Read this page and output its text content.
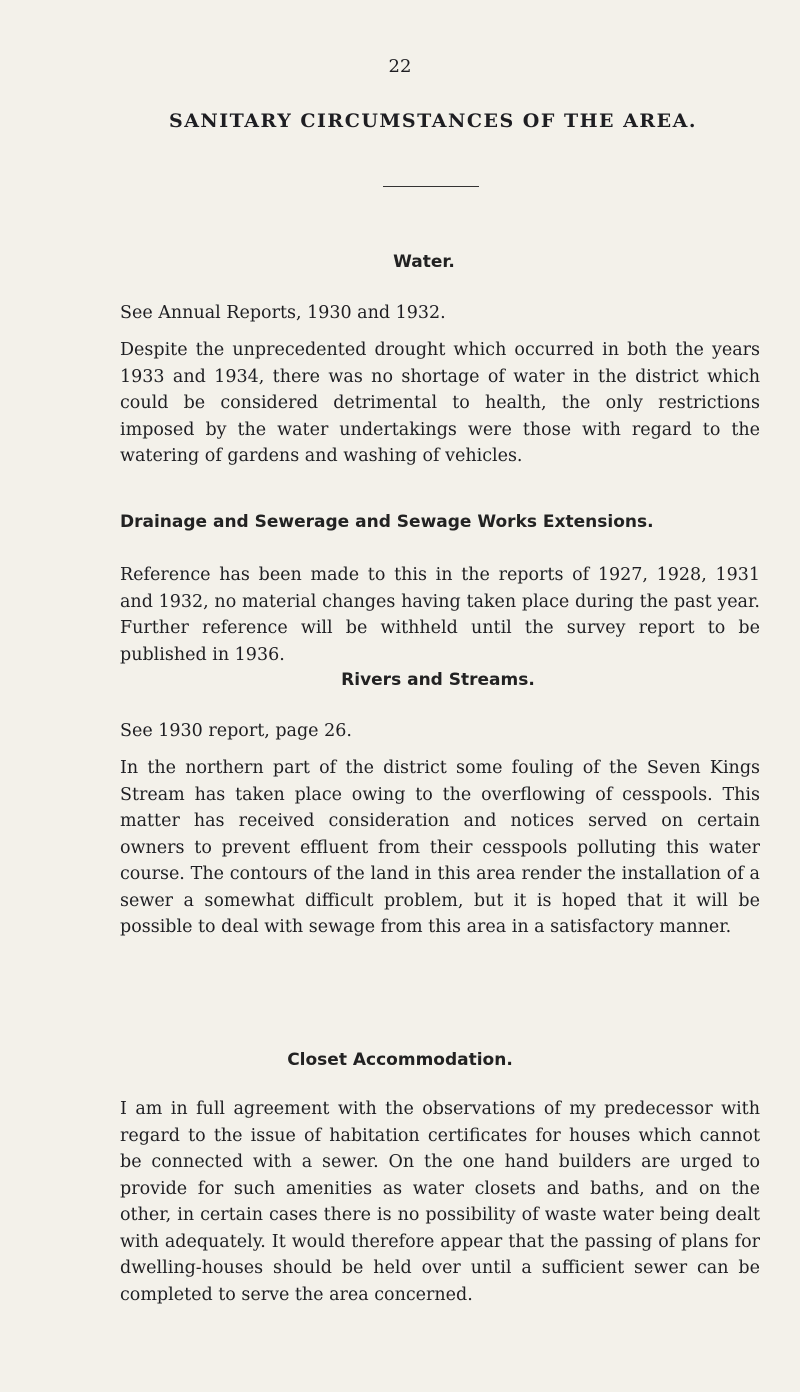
22
SANITARY CIRCUMSTANCES OF THE AREA.
Water.
See Annual Reports, 1930 and 1932.
Despite the unprecedented drought which occurred in both the years 1933 and 1934, there was no shortage of water in the district which could be considered detrimental to health, the only restrictions imposed by the water undertakings were those with regard to the watering of gardens and washing of vehicles.
Drainage and Sewerage and Sewage Works Extensions.
Reference has been made to this in the reports of 1927, 1928, 1931 and 1932, no material changes having taken place during the past year. Further reference will be withheld until the survey report to be published in 1936.
Rivers and Streams.
See 1930 report, page 26.
In the northern part of the district some fouling of the Seven Kings Stream has taken place owing to the overflowing of cesspools. This matter has received consideration and notices served on certain owners to prevent effluent from their cesspools polluting this water course. The contours of the land in this area render the installation of a sewer a somewhat difficult problem, but it is hoped that it will be possible to deal with sewage from this area in a satisfactory manner.
Closet Accommodation.
I am in full agreement with the observations of my predecessor with regard to the issue of habitation certificates for houses which cannot be connected with a sewer. On the one hand builders are urged to provide for such amenities as water closets and baths, and on the other, in certain cases there is no possibility of waste water being dealt with adequately. It would therefore appear that the passing of plans for dwelling-houses should be held over until a sufficient sewer can be completed to serve the area concerned.
